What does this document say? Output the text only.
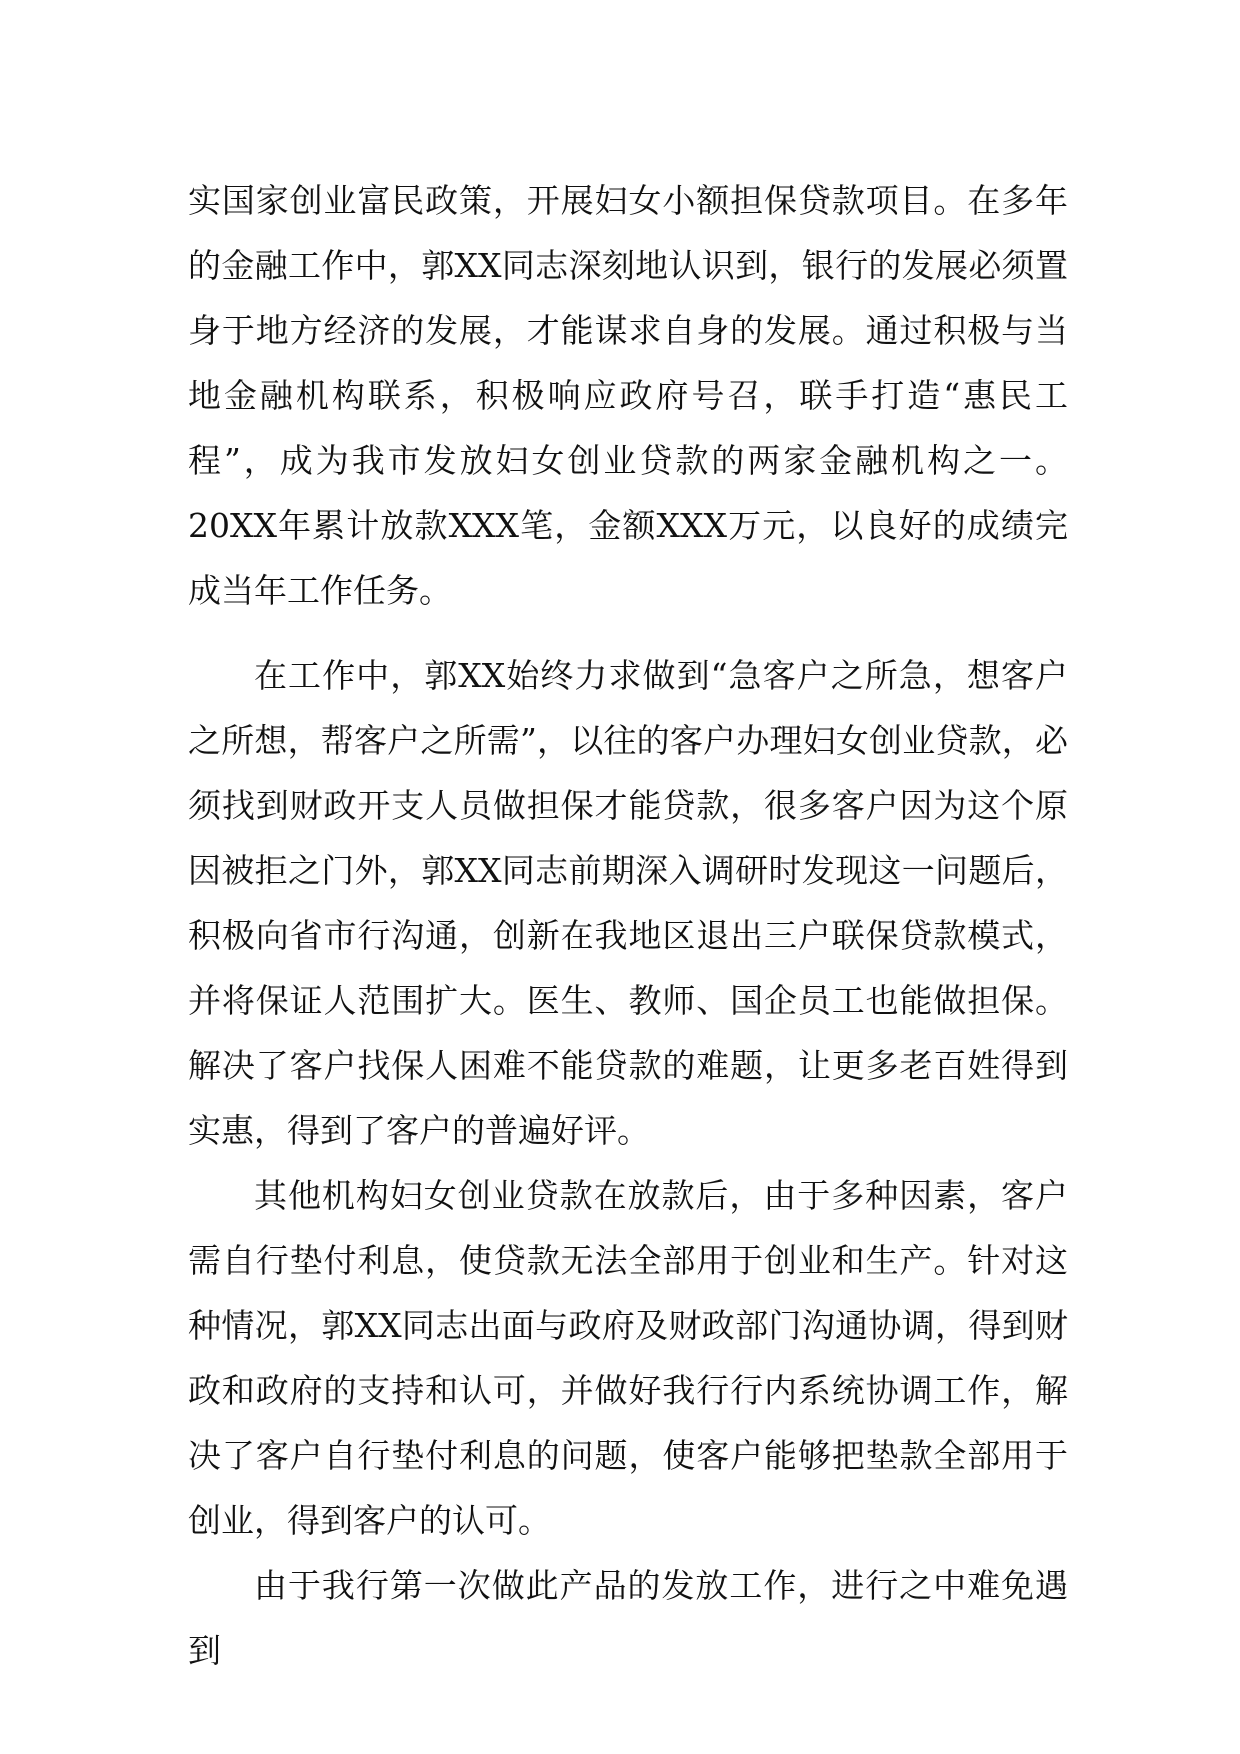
实国家创业富民政策，开展妇女小额担保贷款项目。在多年的金融工作中，郭XX同志深刻地认识到，银行的发展必须置身于地方经济的发展，才能谋求自身的发展。通过积极与当地金融机构联系，积极响应政府号召，联手打造“惠民工程”，成为我市发放妇女创业贷款的两家金融机构之一。20XX年累计放款XXX笔，金额XXX万元，以良好的成绩完成当年工作任务。

在工作中，郭XX始终力求做到“急客户之所急，想客户之所想，帮客户之所需”，以往的客户办理妇女创业贷款，必须找到财政开支人员做担保才能贷款，很多客户因为这个原因被拒之门外，郭XX同志前期深入调研时发现这一问题后，积极向省市行沟通，创新在我地区退出三户联保贷款模式，并将保证人范围扩大。医生、教师、国企员工也能做担保。解决了客户找保人困难不能贷款的难题，让更多老百姓得到实惠，得到了客户的普遍好评。

其他机构妇女创业贷款在放款后，由于多种因素，客户需自行垫付利息，使贷款无法全部用于创业和生产。针对这种情况，郭XX同志出面与政府及财政部门沟通协调，得到财政和政府的支持和认可，并做好我行行内系统协调工作，解决了客户自行垫付利息的问题，使客户能够把垫款全部用于创业，得到客户的认可。

由于我行第一次做此产品的发放工作，进行之中难免遇到
